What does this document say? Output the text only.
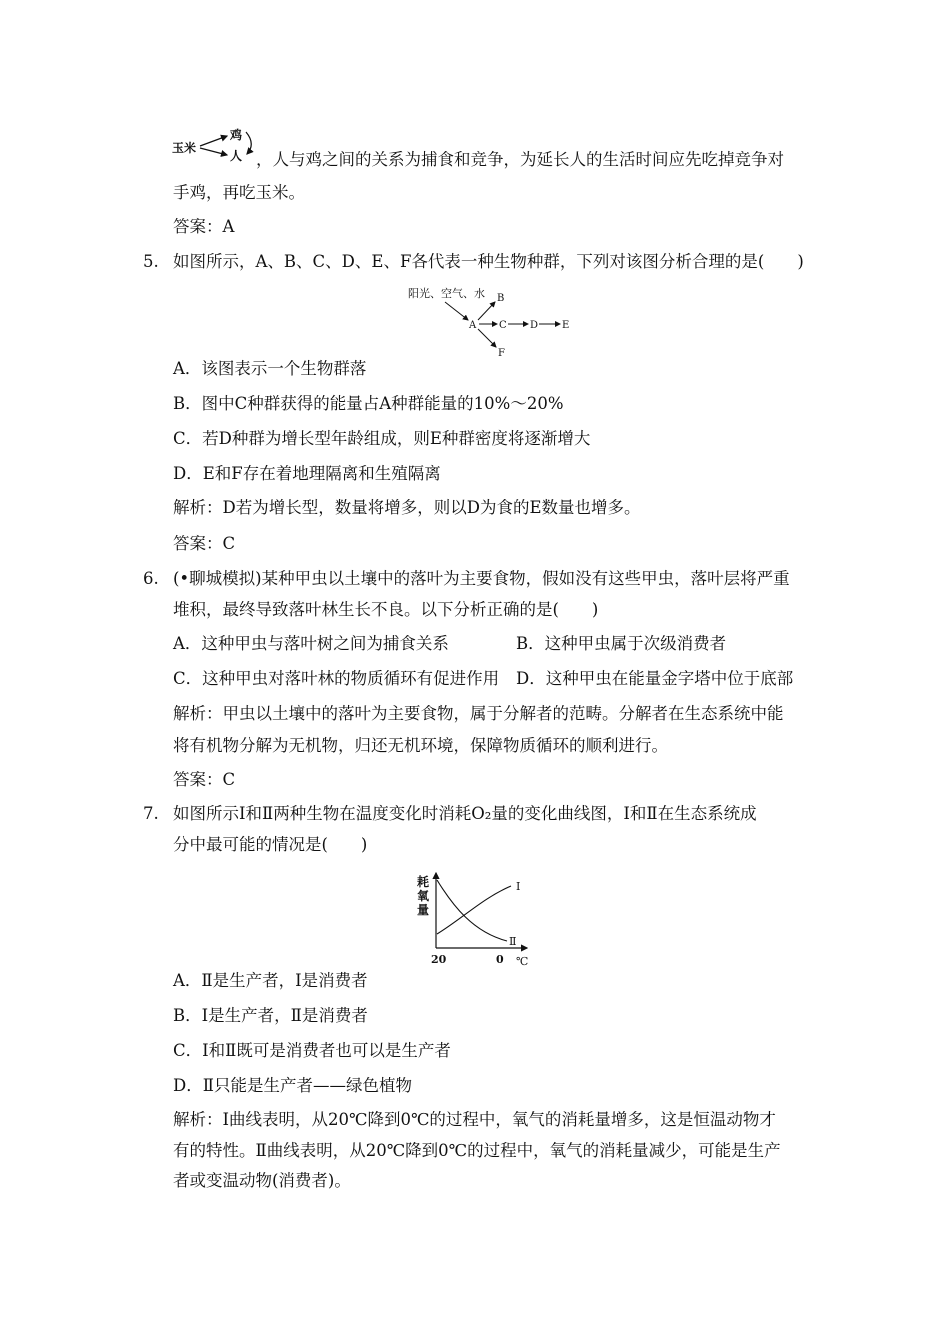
玉米
鸡
人 ，人与鸡之间的关系为捕食和竞争，为延长人的生活时间应先吃掉竞争对
手鸡，再吃玉米。
答案：A
5. 如图所示，A、B、C、D、E、F各代表一种生物种群，下列对该图分析合理的是(　　)
阳光、空气、水
A
B
C D E
F
A．该图表示一个生物群落
B．图中C种群获得的能量占A种群能量的10%～20%
C．若D种群为增长型年龄组成，则E种群密度将逐渐增大
D．E和F存在着地理隔离和生殖隔离
解析：D若为增长型，数量将增多，则以D为食的E数量也增多。
答案：C
6. (•聊城模拟)某种甲虫以土壤中的落叶为主要食物，假如没有这些甲虫，落叶层将严重
堆积，最终导致落叶林生长不良。以下分析正确的是(　　)
A．这种甲虫与落叶树之间为捕食关系	B．这种甲虫属于次级消费者
C．这种甲虫对落叶林的物质循环有促进作用 D．这种甲虫在能量金字塔中位于底部
解析：甲虫以土壤中的落叶为主要食物，属于分解者的范畴。分解者在生态系统中能
将有机物分解为无机物，归还无机环境，保障物质循环的顺利进行。
答案：C
7. 如图所示Ⅰ和Ⅱ两种生物在温度变化时消耗O₂量的变化曲线图，Ⅰ和Ⅱ在生态系统成
分中最可能的情况是(　　)
耗
氧
量
Ⅰ
Ⅱ
20	0 ℃
A．Ⅱ是生产者，Ⅰ是消费者
B．Ⅰ是生产者，Ⅱ是消费者
C．Ⅰ和Ⅱ既可是消费者也可以是生产者
D．Ⅱ只能是生产者——绿色植物
解析：Ⅰ曲线表明，从20℃降到0℃的过程中，氧气的消耗量增多，这是恒温动物才
有的特性。Ⅱ曲线表明，从20℃降到0℃的过程中，氧气的消耗量减少，可能是生产
者或变温动物(消费者)。
